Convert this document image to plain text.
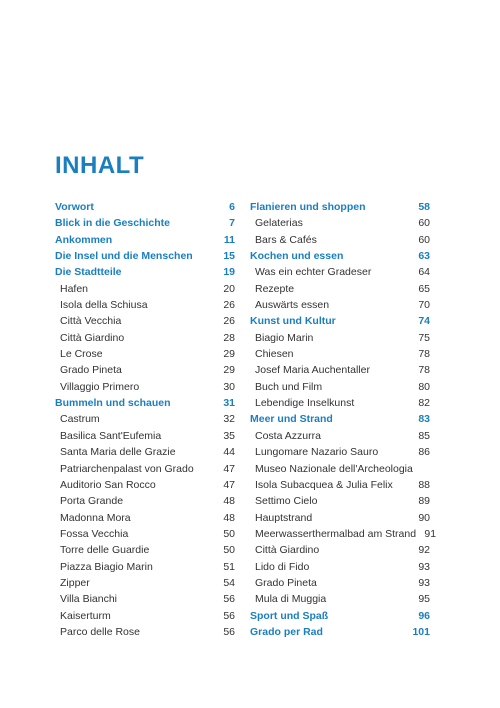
INHALT
Vorwort	6
Blick in die Geschichte	7
Ankommen	11
Die Insel und die Menschen	15
Die Stadtteile	19
Hafen	20
Isola della Schiusa	26
Città Vecchia	26
Città Giardino	28
Le Crose	29
Grado Pineta	29
Villaggio Primero	30
Bummeln und schauen	31
Castrum	32
Basilica Sant'Eufemia	35
Santa Maria delle Grazie	44
Patriarchenpalast von Grado	47
Auditorio San Rocco	47
Porta Grande	48
Madonna Mora	48
Fossa Vecchia	50
Torre delle Guardie	50
Piazza Biagio Marin	51
Zipper	54
Villa Bianchi	56
Kaiserturm	56
Parco delle Rose	56
Flanieren und shoppen	58
Gelaterias	60
Bars & Cafés	60
Kochen und essen	63
Was ein echter Gradeser	64
Rezepte	65
Auswärts essen	70
Kunst und Kultur	74
Biagio Marin	75
Chiesen	78
Josef Maria Auchentaller	78
Buch und Film	80
Lebendige Inselkunst	82
Meer und Strand	83
Costa Azzurra	85
Lungomare Nazario Sauro	86
Museo Nazionale dell'Archeologia
Isola Subacquea & Julia Felix	88
Settimo Cielo	89
Hauptstrand	90
Meerwasserthermalbad am Strand 91
Città Giardino	92
Lido di Fido	93
Grado Pineta	93
Mula di Muggia	95
Sport und Spaß	96
Grado per Rad	101
